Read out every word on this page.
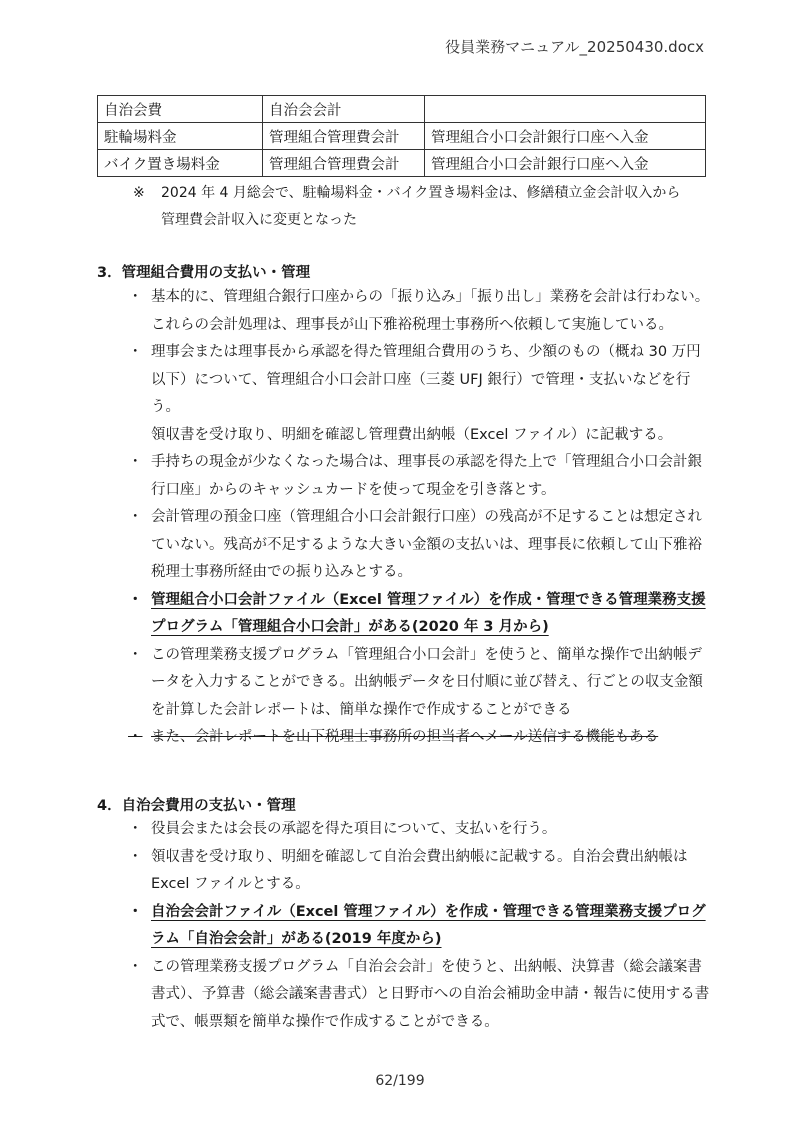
役員業務マニュアル_20250430.docx
自治会費	自治会会計	
駐輪場料金	管理組合管理費会計	管理組合小口会計銀行口座へ入金
バイク置き場料金	管理組合管理費会計	管理組合小口会計銀行口座へ入金
※ 2024 年 4 月総会で、駐輪場料金・バイク置き場料金は、修繕積立金会計収入から
管理費会計収入に変更となった
3．管理組合費用の支払い・管理
・ 基本的に、管理組合銀行口座からの「振り込み」「振り出し」業務を会計は行わない。これらの会計処理は、理事長が山下雅裕税理士事務所へ依頼して実施している。
・ 理事会または理事長から承認を得た管理組合費用のうち、少額のもの（概ね 30 万円以下）について、管理組合小口会計口座（三菱 UFJ 銀行）で管理・支払いなどを行う。
領収書を受け取り、明細を確認し管理費出納帳（Excel ファイル）に記載する。
・ 手持ちの現金が少なくなった場合は、理事長の承認を得た上で「管理組合小口会計銀行口座」からのキャッシュカードを使って現金を引き落とす。
・ 会計管理の預金口座（管理組合小口会計銀行口座）の残高が不足することは想定されていない。残高が不足するような大きい金額の支払いは、理事長に依頼して山下雅裕税理士事務所経由での振り込みとする。
・ 管理組合小口会計ファイル（Excel 管理ファイル）を作成・管理できる管理業務支援プログラム「管理組合小口会計」がある(2020 年 3 月から)
・ この管理業務支援プログラム「管理組合小口会計」を使うと、簡単な操作で出納帳データを入力することができる。出納帳データを日付順に並び替え、行ごとの収支金額を計算した会計レポートは、簡単な操作で作成することができる
・ また、会計レポートを山下税理士事務所の担当者へメール送信する機能もある
4．自治会費用の支払い・管理
・ 役員会または会長の承認を得た項目について、支払いを行う。
・ 領収書を受け取り、明細を確認して自治会費出納帳に記載する。自治会費出納帳は Excel ファイルとする。
・ 自治会会計ファイル（Excel 管理ファイル）を作成・管理できる管理業務支援プログラム「自治会会計」がある(2019 年度から)
・ この管理業務支援プログラム「自治会会計」を使うと、出納帳、決算書（総会議案書書式）、予算書（総会議案書書式）と日野市への自治会補助金申請・報告に使用する書式で、帳票類を簡単な操作で作成することができる。
62/199
